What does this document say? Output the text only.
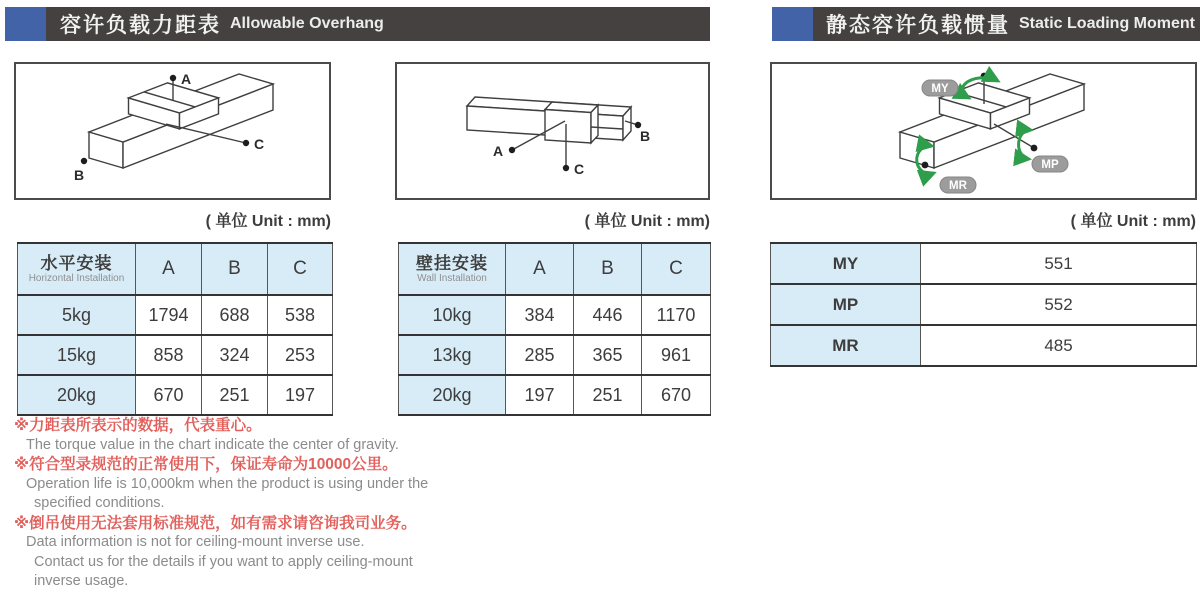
容许负载力距表 Allowable Overhang	静态容许负载惯量 Static Loading Moment
C
A
B
A
B
C
MY
MP
MR
( 单位 Unit : mm)	( 单位 Unit : mm)	( 单位 Unit : mm)
水平安装
Horizontal Installation	A	B	C
5kg	1794	688	538
15kg	858	324	253
20kg	670	251	197
壁挂安装
Wall Installation	A	B	C
10kg	384	446	1170
13kg	285	365	961
20kg	197	251	670
MY	551
MP	552
MR	485
※力距表所表示的数据，代表重心。
The torque value in the chart indicate the center of gravity.
※符合型录规范的正常使用下，保证寿命为10000公里。
Operation life is 10,000km when the product is using under the
specified conditions.
※倒吊使用无法套用标准规范，如有需求请咨询我司业务。
Data information is not for ceiling-mount inverse use.
Contact us for the details if you want to apply ceiling-mount
inverse usage.
